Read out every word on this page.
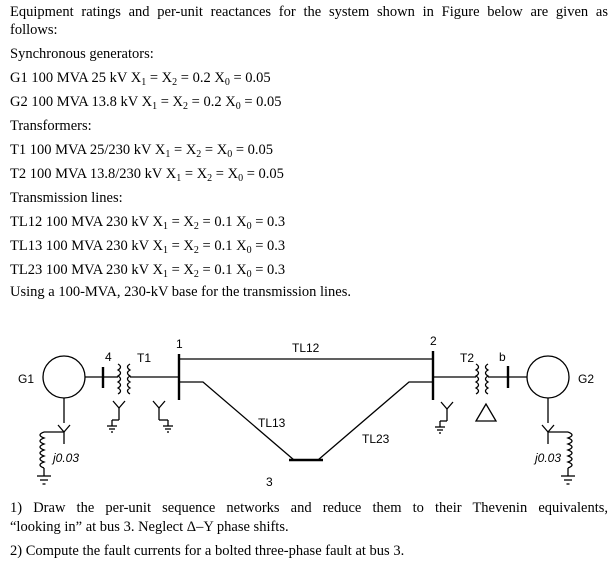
Equipment ratings and per-unit reactances for the system shown in Figure below are given as
follows:
Synchronous generators:
G1 100 MVA 25 kV $X_1 = X_2 = 0.2$ $X_0 = 0.05$
G2 100 MVA 13.8 kV $X_1 = X_2 = 0.2$ $X_0 = 0.05$
Transformers:
T1 100 MVA 25/230 kV $X_1 = X_2 = X_0 = 0.05$
T2 100 MVA 13.8/230 kV $X_1 = X_2 = X_0 = 0.05$
Transmission lines:
TL12 100 MVA 230 kV $X_1 = X_2 = 0.1$ $X_0 = 0.3$
TL13 100 MVA 230 kV $X_1 = X_2 = 0.1$ $X_0 = 0.3$
TL23 100 MVA 230 kV $X_1 = X_2 = 0.1$ $X_0 = 0.3$
Using a 100-MVA, 230-kV base for the transmission lines.
G1
j0.03
4 T1
1	TL12
TL13
TL23
3
2
T2 b
G2
j0.03
1) Draw the per-unit sequence networks and reduce them to their Thevenin equivalents,
“looking in” at bus 3. Neglect Δ–Y phase shifts.
2) Compute the fault currents for a bolted three-phase fault at bus 3.
